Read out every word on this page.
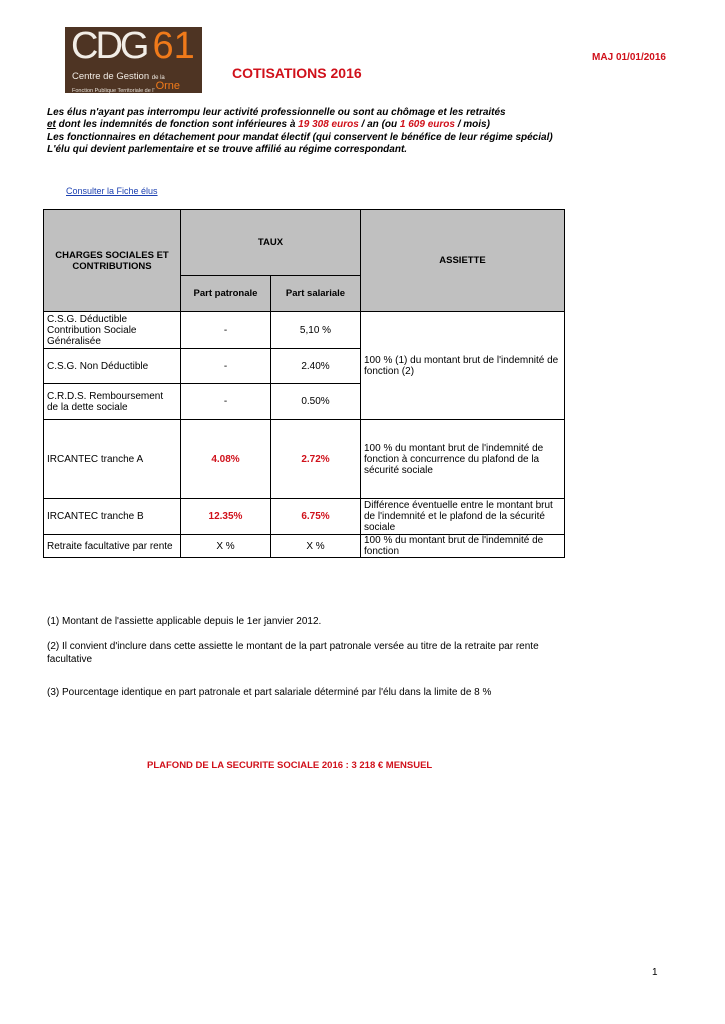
CDG 61
Centre de Gestion de la
Fonction Publique Territoriale de l'Orne
MAJ 01/01/2016
COTISATIONS 2016
Les élus n'ayant pas interrompu leur activité professionnelle ou sont au chômage et les retraités
et dont les indemnités de fonction sont inférieures à 19 308 euros / an (ou 1 609 euros / mois)
Les fonctionnaires en détachement pour mandat électif (qui conservent le bénéfice de leur régime spécial)
L'élu qui devient parlementaire et se trouve affilié au régime correspondant.
Consulter la Fiche élus
CHARGES SOCIALES ET CONTRIBUTIONS	TAUX		ASSIETTE
	Part patronale	Part salariale	
C.S.G. Déductible Contribution Sociale Généralisée	-	5,10 %	100 % (1) du montant brut de l'indemnité de fonction (2)
C.S.G. Non Déductible	-	2.40%	
C.R.D.S. Remboursement de la dette sociale	-	0.50%	
IRCANTEC tranche A	4.08%	2.72%	100 % du montant brut de l'indemnité de fonction à concurrence du plafond de la sécurité sociale
IRCANTEC tranche B	12.35%	6.75%	Différence éventuelle entre le montant brut de l'indemnité et le plafond de la sécurité sociale
Retraite facultative par rente	X %	X %	100 % du montant brut de l'indemnité de fonction
(1) Montant de l'assiette applicable depuis le 1er janvier 2012.
(2) Il convient d'inclure dans cette assiette le montant de la part patronale versée au titre de la retraite par rente facultative
(3) Pourcentage identique en part patronale et part salariale déterminé par l'élu dans la limite de 8 %
PLAFOND DE LA SECURITE SOCIALE 2016 : 3 218 € MENSUEL
1
